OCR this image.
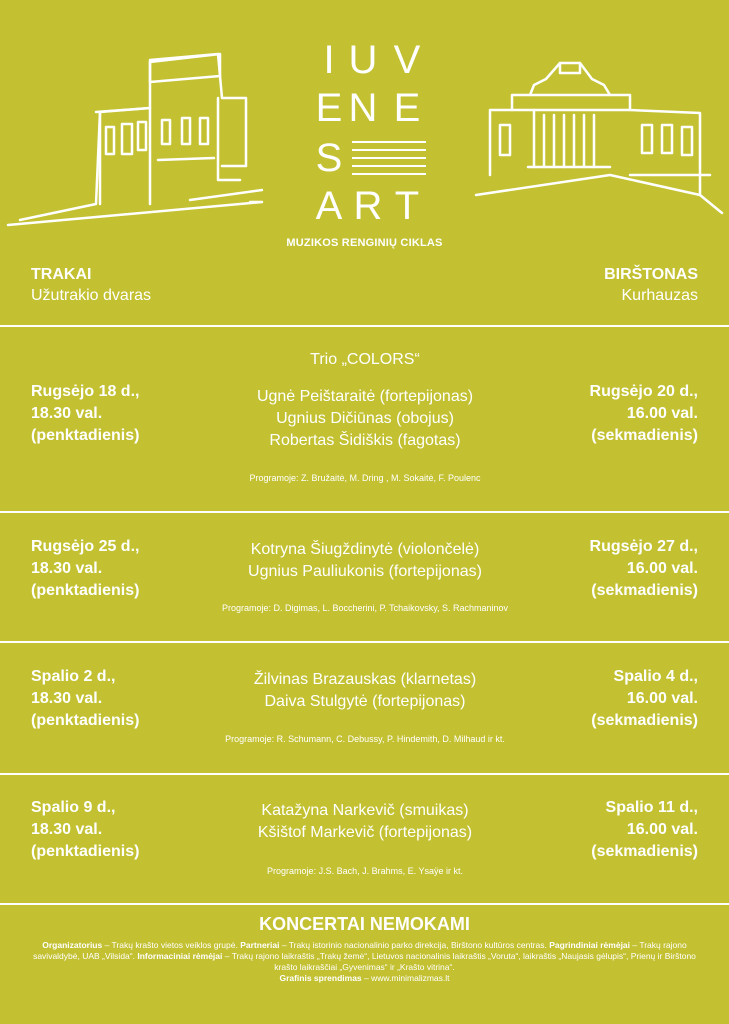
I U V
E N E
S
A R T
MUZIKOS RENGINIŲ CIKLAS
TRAKAI
Užutrakio dvaras
BIRŠTONAS
Kurhauzas
Trio „COLORS“
Rugsėjo 18 d.,
18.30 val.
(penktadienis)
Ugnė Peištaraitė (fortepijonas)
Ugnius Dičiūnas (obojus)
Robertas Šidiškis (fagotas)
Rugsėjo 20 d.,
16.00 val.
(sekmadienis)
Programoje: Z. Bružaitė, M. Dring , M. Sokaitė, F. Poulenc
Rugsėjo 25 d.,
18.30 val.
(penktadienis)
Kotryna Šiugždinytė (violončelė)
Ugnius Pauliukonis (fortepijonas)
Rugsėjo 27 d.,
16.00 val.
(sekmadienis)
Programoje: D. Digimas, L. Boccherini, P. Tchaikovsky, S. Rachmaninov
Spalio 2 d.,
18.30 val.
(penktadienis)
Žilvinas Brazauskas (klarnetas)
Daiva Stulgytė (fortepijonas)
Spalio 4 d.,
16.00 val.
(sekmadienis)
Programoje: R. Schumann, C. Debussy, P. Hindemith, D. Milhaud ir kt.
Spalio 9 d.,
18.30 val.
(penktadienis)
Katažyna Narkevič (smuikas)
Kšištof Markevič (fortepijonas)
Spalio 11 d.,
16.00 val.
(sekmadienis)
Programoje: J.S. Bach, J. Brahms, E. Ysaÿe ir kt.
KONCERTAI NEMOKAMI
Organizatorius – Trakų krašto vietos veiklos grupė. Partneriai – Trakų istorinio nacionalinio parko direkcija, Birštono kultūros centras. Pagrindiniai rėmėjai – Trakų rajono savivaldybė, UAB „Vilsida“. Informaciniai rėmėjai – Trakų rajono laikraštis „Trakų žemė“, Lietuvos nacionalinis laikraštis „Voruta“, laikraštis „Naujasis gėlupis“, Prienų ir Birštono krašto laikraščiai „Gyvenimas“ ir „Krašto vitrina“.
Grafinis sprendimas – www.minimalizmas.lt
